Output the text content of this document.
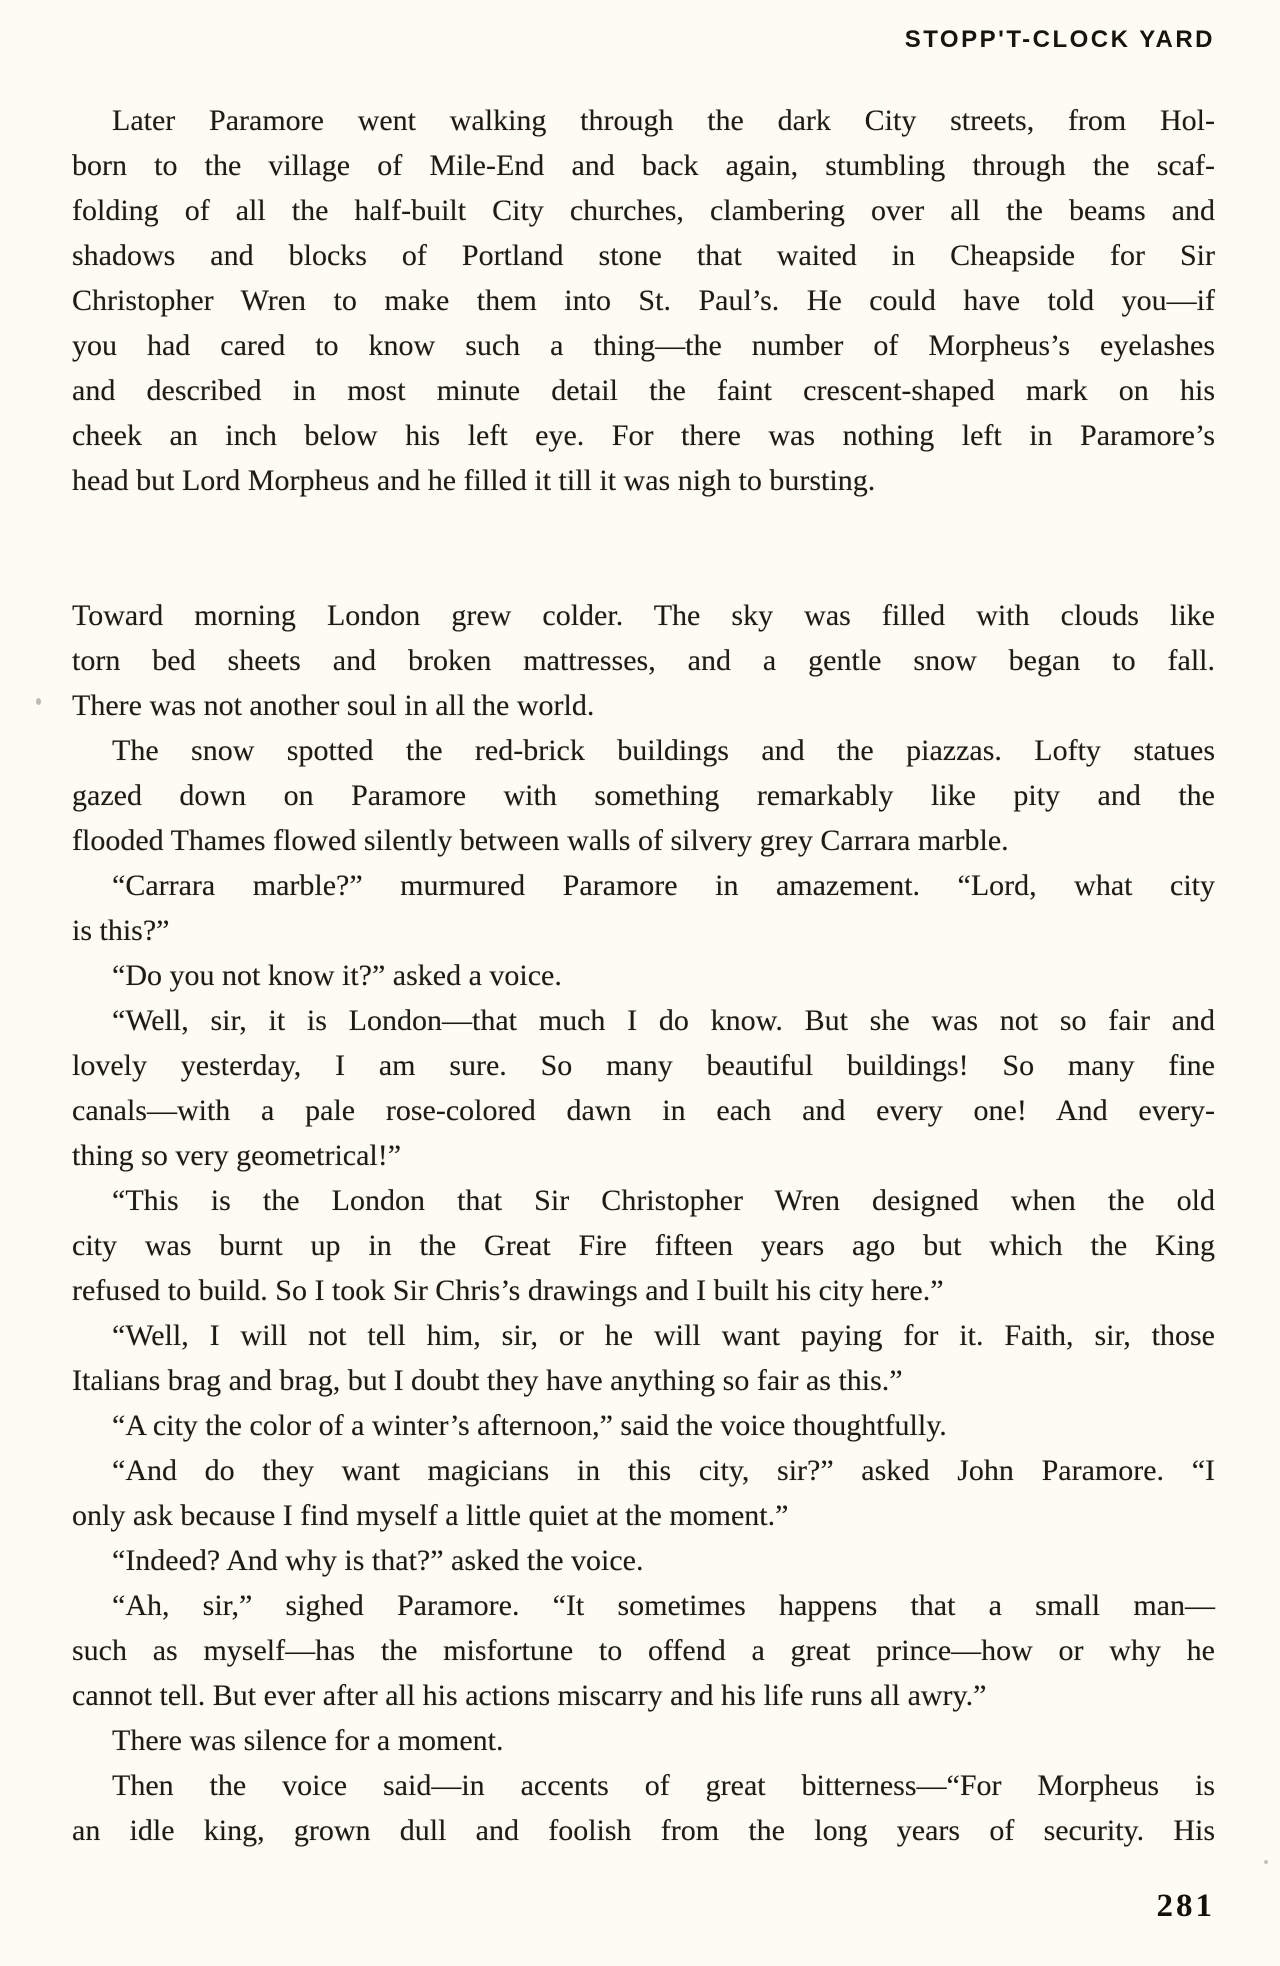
STOPP'T-CLOCK YARD
Later Paramore went walking through the dark City streets, from Hol-
born to the village of Mile-End and back again, stumbling through the scaf-
folding of all the half-built City churches, clambering over all the beams and
shadows and blocks of Portland stone that waited in Cheapside for Sir
Christopher Wren to make them into St. Paul’s. He could have told you—if
you had cared to know such a thing—the number of Morpheus’s eyelashes
and described in most minute detail the faint crescent-shaped mark on his
cheek an inch below his left eye. For there was nothing left in Paramore’s
head but Lord Morpheus and he filled it till it was nigh to bursting.
Toward morning London grew colder. The sky was filled with clouds like
torn bed sheets and broken mattresses, and a gentle snow began to fall.
There was not another soul in all the world.
The snow spotted the red-brick buildings and the piazzas. Lofty statues
gazed down on Paramore with something remarkably like pity and the
flooded Thames flowed silently between walls of silvery grey Carrara marble.
“Carrara marble?” murmured Paramore in amazement. “Lord, what city
is this?”
“Do you not know it?” asked a voice.
“Well, sir, it is London—that much I do know. But she was not so fair and
lovely yesterday, I am sure. So many beautiful buildings! So many fine
canals—with a pale rose-colored dawn in each and every one! And every-
thing so very geometrical!”
“This is the London that Sir Christopher Wren designed when the old
city was burnt up in the Great Fire fifteen years ago but which the King
refused to build. So I took Sir Chris’s drawings and I built his city here.”
“Well, I will not tell him, sir, or he will want paying for it. Faith, sir, those
Italians brag and brag, but I doubt they have anything so fair as this.”
“A city the color of a winter’s afternoon,” said the voice thoughtfully.
“And do they want magicians in this city, sir?” asked John Paramore. “I
only ask because I find myself a little quiet at the moment.”
“Indeed? And why is that?” asked the voice.
“Ah, sir,” sighed Paramore. “It sometimes happens that a small man—
such as myself—has the misfortune to offend a great prince—how or why he
cannot tell. But ever after all his actions miscarry and his life runs all awry.”
There was silence for a moment.
Then the voice said—in accents of great bitterness—“For Morpheus is
an idle king, grown dull and foolish from the long years of security. His
281
